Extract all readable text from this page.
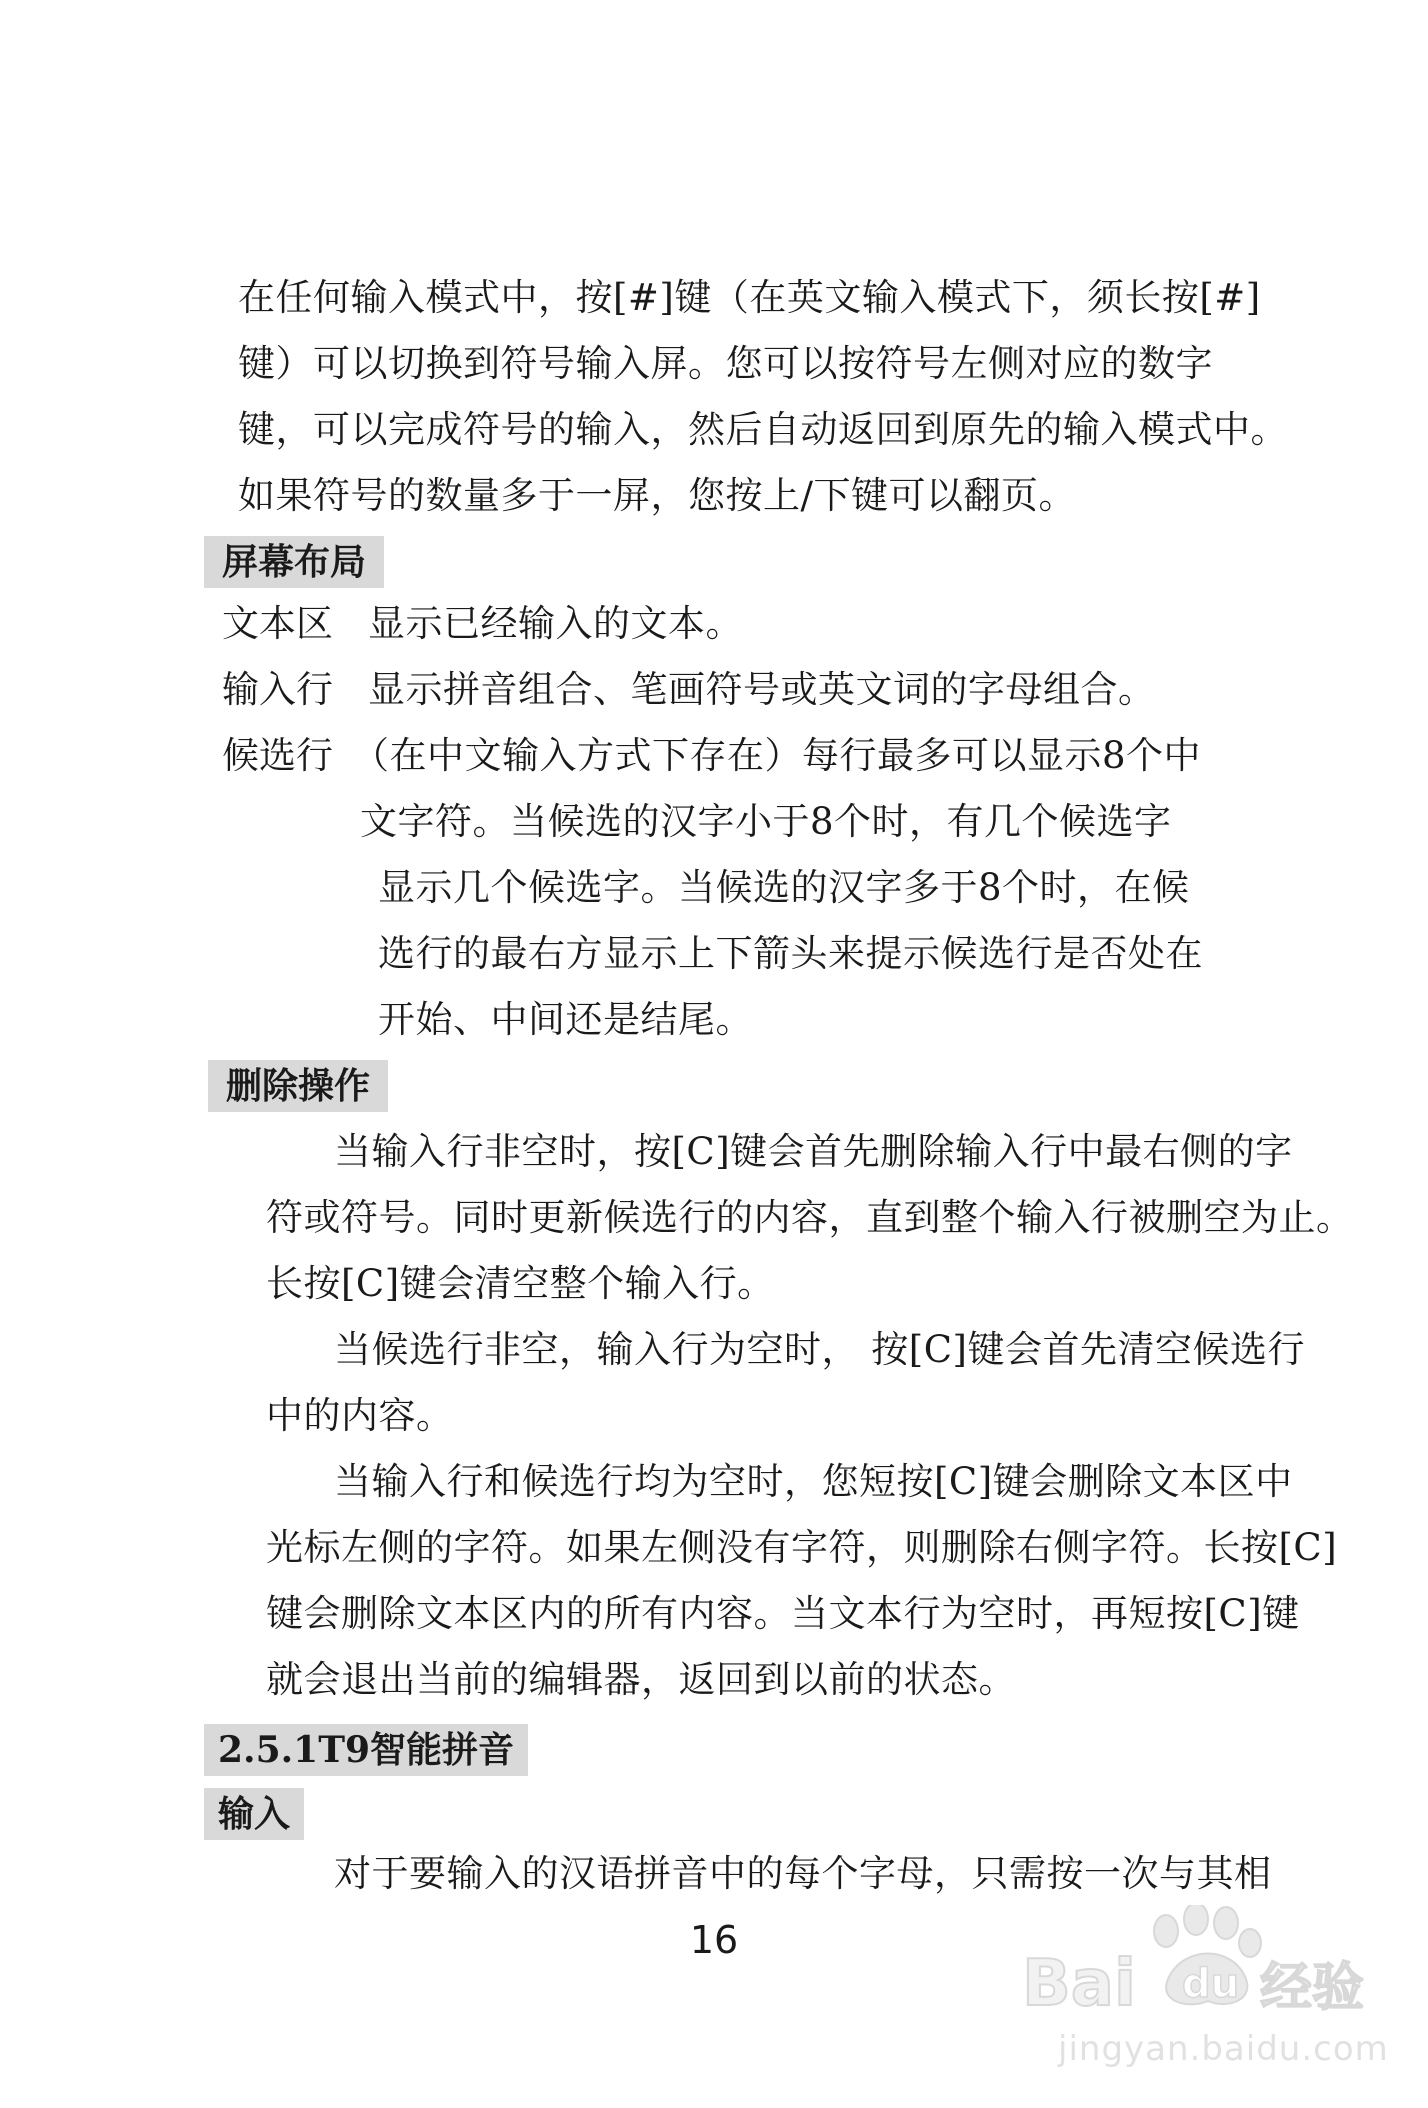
在任何输入模式中，按[#]键（在英文输入模式下，须长按[#]
键）可以切换到符号输入屏。您可以按符号左侧对应的数字
键，可以完成符号的输入，然后自动返回到原先的输入模式中。
如果符号的数量多于一屏，您按上/下键可以翻页。
屏幕布局
文本区 显示已经输入的文本。
输入行 显示拼音组合、笔画符号或英文词的字母组合。
候选行 （在中文输入方式下存在）每行最多可以显示8个中
文字符。当候选的汉字小于8个时，有几个候选字
显示几个候选字。当候选的汉字多于8个时，在候
选行的最右方显示上下箭头来提示候选行是否处在
开始、中间还是结尾。
删除操作
当输入行非空时，按[C]键会首先删除输入行中最右侧的字
符或符号。同时更新候选行的内容，直到整个输入行被删空为止。
长按[C]键会清空整个输入行。
当候选行非空，输入行为空时， 按[C]键会首先清空候选行
中的内容。
当输入行和候选行均为空时，您短按[C]键会删除文本区中
光标左侧的字符。如果左侧没有字符，则删除右侧字符。长按[C]
键会删除文本区内的所有内容。当文本行为空时，再短按[C]键
就会退出当前的编辑器，返回到以前的状态。
2.5.1T9智能拼音
输入
对于要输入的汉语拼音中的每个字母，只需按一次与其相
16
Bai du 经验
jingyan.baidu.com
